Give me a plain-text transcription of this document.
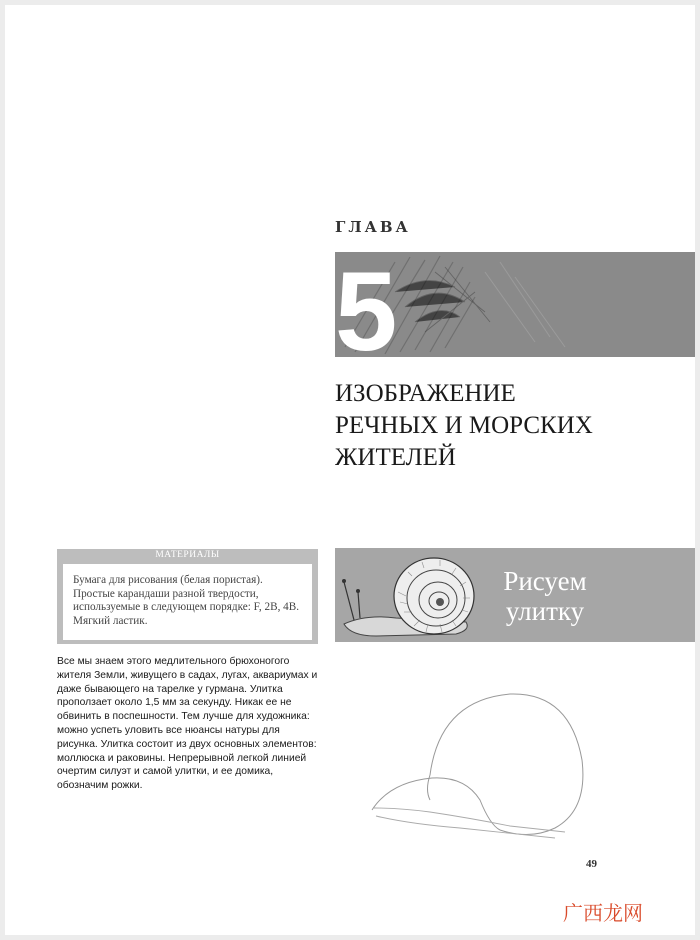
ГЛАВА
5
ИЗОБРАЖЕНИЕ
РЕЧНЫХ И МОРСКИХ
ЖИТЕЛЕЙ
МАТЕРИАЛЫ
Бумага для рисования (белая пористая). Простые карандаши разной твердости, используемые в следующем порядке: F, 2B, 4B. Мягкий ластик.
Все мы знаем этого медлительного брюхоногого жителя Земли, живущего в садах, лугах, аквариумах и даже бывающего на тарелке у гурмана. Улитка проползает около 1,5 мм за секунду. Никак ее не обвинить в поспешности. Тем лучше для художника: можно успеть уловить все нюансы натуры для рисунка. Улитка состоит из двух основных элементов: моллюска и раковины. Непрерывной легкой линией очертим силуэт и самой улитки, и ее домика, обозначим рожки.
Рисуем
улитку
49
广西龙网
